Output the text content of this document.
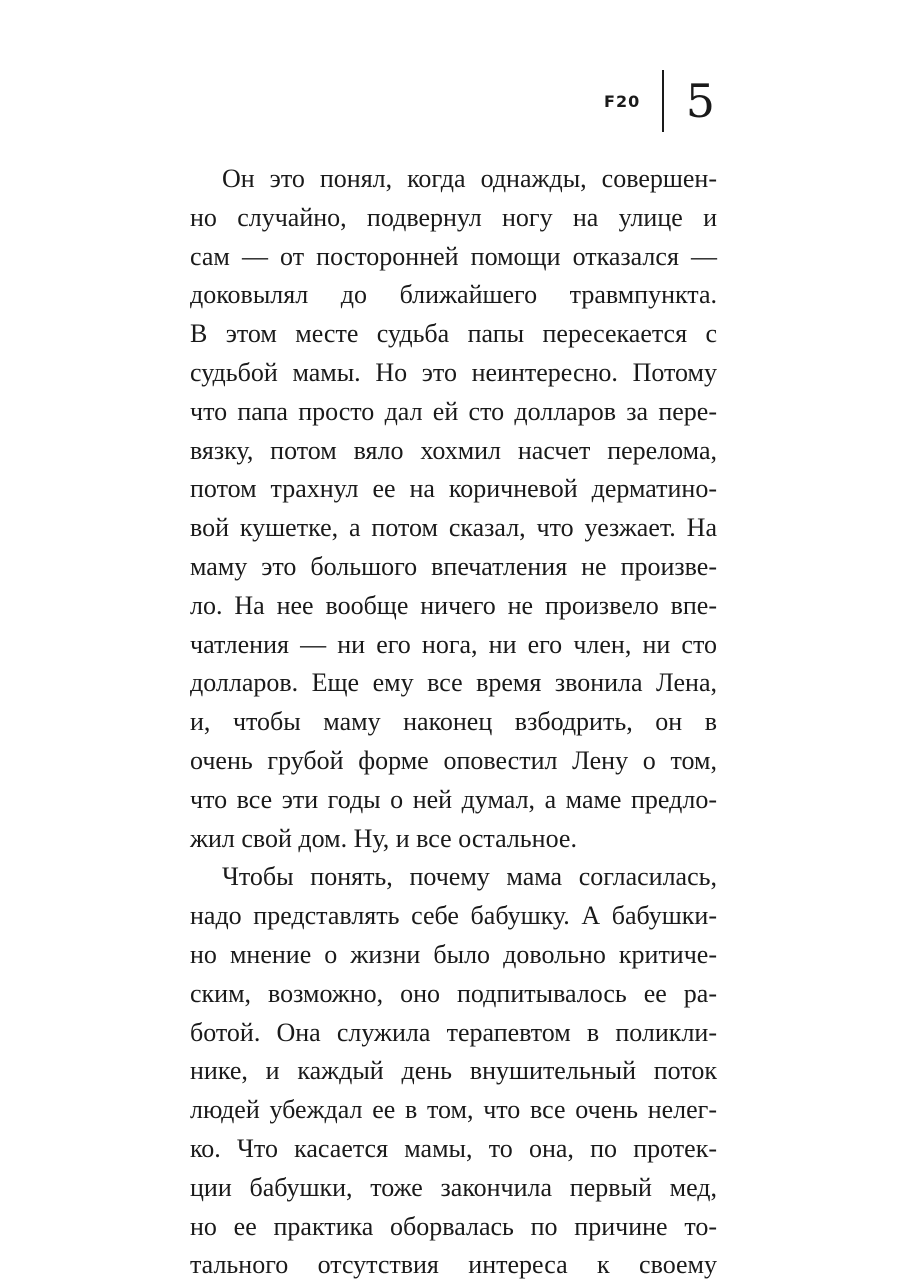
F20 5
Он это понял, когда однажды, совершен-
но случайно, подвернул ногу на улице и
сам — от посторонней помощи отказался —
доковылял до ближайшего травмпункта.
В этом месте судьба папы пересекается с
судьбой мамы. Но это неинтересно. Потому
что папа просто дал ей сто долларов за пере-
вязку, потом вяло хохмил насчет перелома,
потом трахнул ее на коричневой дерматино-
вой кушетке, а потом сказал, что уезжает. На
маму это большого впечатления не произве-
ло. На нее вообще ничего не произвело впе-
чатления — ни его нога, ни его член, ни сто
долларов. Еще ему все время звонила Лена,
и, чтобы маму наконец взбодрить, он в
очень грубой форме оповестил Лену о том,
что все эти годы о ней думал, а маме предло-
жил свой дом. Ну, и все остальное.
Чтобы понять, почему мама согласилась,
надо представлять себе бабушку. А бабушки-
но мнение о жизни было довольно критиче-
ским, возможно, оно подпитывалось ее ра-
ботой. Она служила терапевтом в поликли-
нике, и каждый день внушительный поток
людей убеждал ее в том, что все очень нелег-
ко. Что касается мамы, то она, по протек-
ции бабушки, тоже закончила первый мед,
но ее практика оборвалась по причине то-
тального отсутствия интереса к своему
